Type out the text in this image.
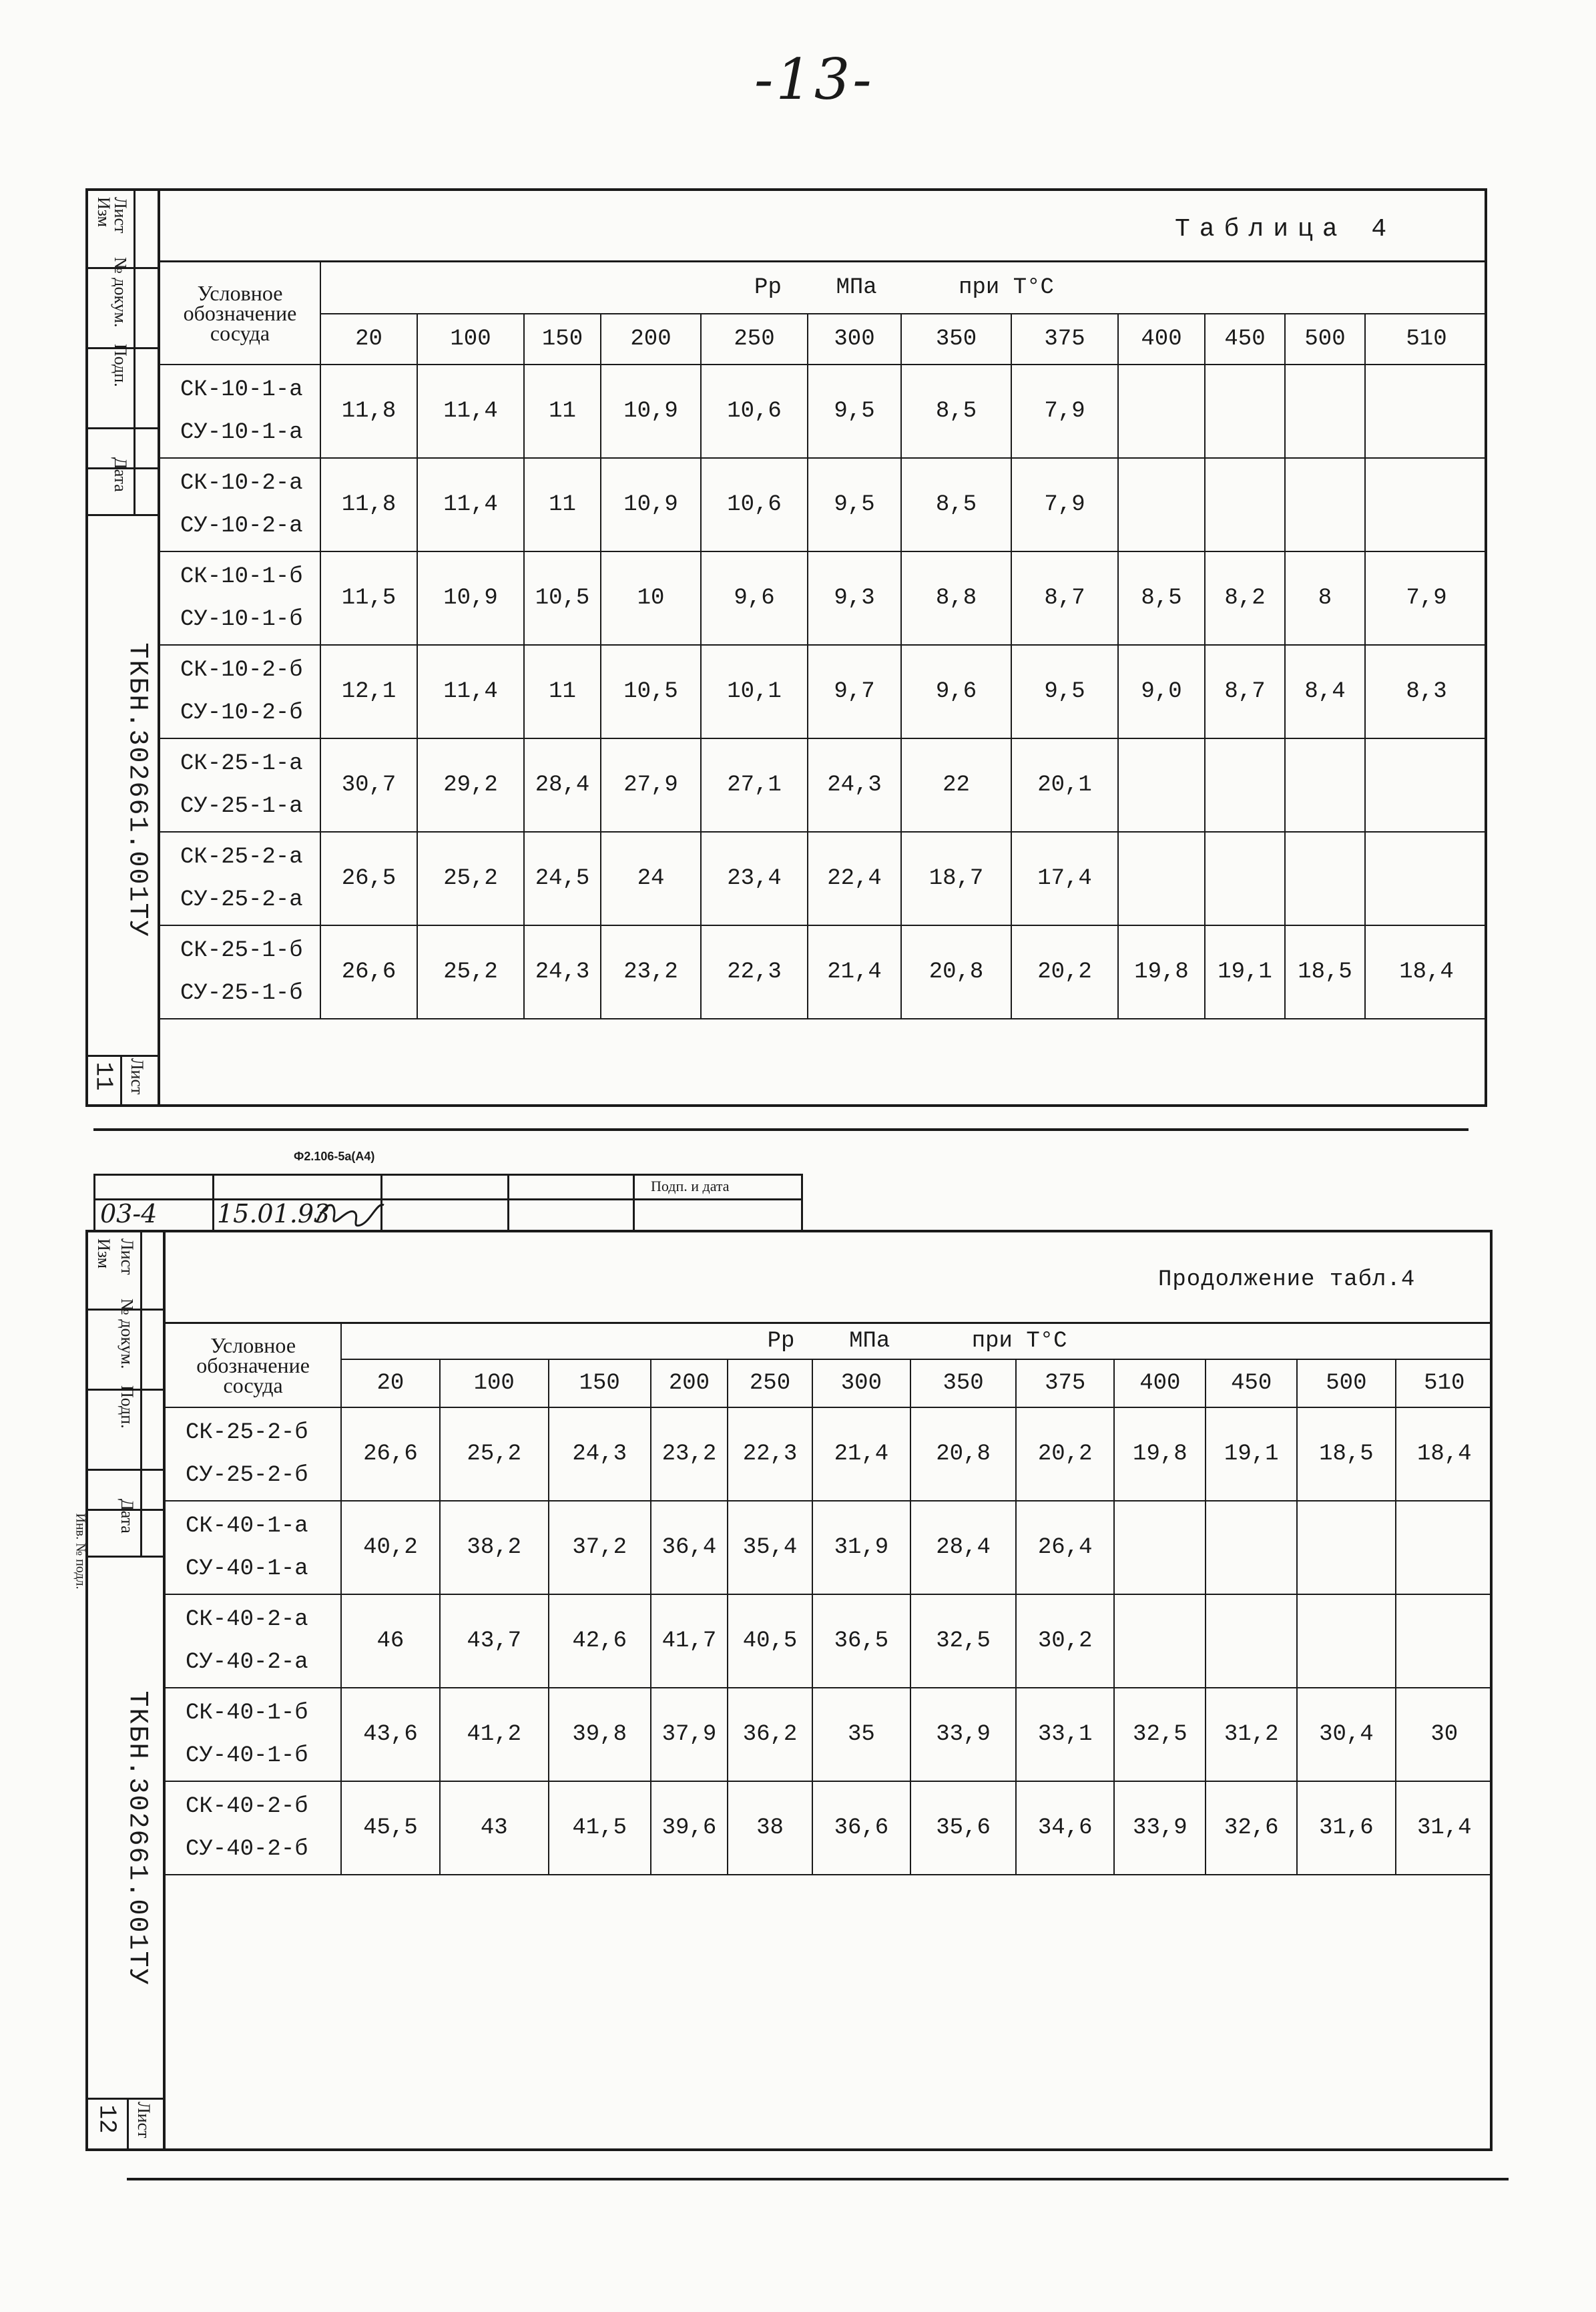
-13-
Изм
Лист
№ докум.
Подп.
Дата
ТКБН.302661.001ТУ
Лист
11
Таблица 4
Условное обозначение сосуда	Pр МПа при Т°С											
	20	100	150	200	250	300	350	375	400	450	500	510

СК-10-1-а
СУ-10-1-а	11,8	11,4	11	10,9	10,6	9,5	8,5	7,9				

СК-10-2-а
СУ-10-2-а	11,8	11,4	11	10,9	10,6	9,5	8,5	7,9				

СК-10-1-б
СУ-10-1-б	11,5	10,9	10,5	10	9,6	9,3	8,8	8,7	8,5	8,2	8	7,9

СК-10-2-б
СУ-10-2-б	12,1	11,4	11	10,5	10,1	9,7	9,6	9,5	9,0	8,7	8,4	8,3

СК-25-1-а
СУ-25-1-а	30,7	29,2	28,4	27,9	27,1	24,3	22	20,1				

СК-25-2-а
СУ-25-2-а	26,5	25,2	24,5	24	23,4	22,4	18,7	17,4				

СК-25-1-б
СУ-25-1-б	26,6	25,2	24,3	23,2	22,3	21,4	20,8	20,2	19,8	19,1	18,5	18,4
Ф2.106-5а(А4)
Подп. и дата
03-4 15.01.93
Изм Лист
№ докум.
Подп.
Дата
Инв. № подл.
ТКБН.302661.001ТУ
Лист
12
Продолжение табл.4
Условное обозначение сосуда	Pр МПа при Т°С											
	20	100	150	200	250	300	350	375	400	450	500	510

СК-25-2-б
СУ-25-2-б	26,6	25,2	24,3	23,2	22,3	21,4	20,8	20,2	19,8	19,1	18,5	18,4

СК-40-1-а
СУ-40-1-а	40,2	38,2	37,2	36,4	35,4	31,9	28,4	26,4				

СК-40-2-а
СУ-40-2-а	46	43,7	42,6	41,7	40,5	36,5	32,5	30,2				

СК-40-1-б
СУ-40-1-б	43,6	41,2	39,8	37,9	36,2	35	33,9	33,1	32,5	31,2	30,4	30

СК-40-2-б
СУ-40-2-б	45,5	43	41,5	39,6	38	36,6	35,6	34,6	33,9	32,6	31,6	31,4
